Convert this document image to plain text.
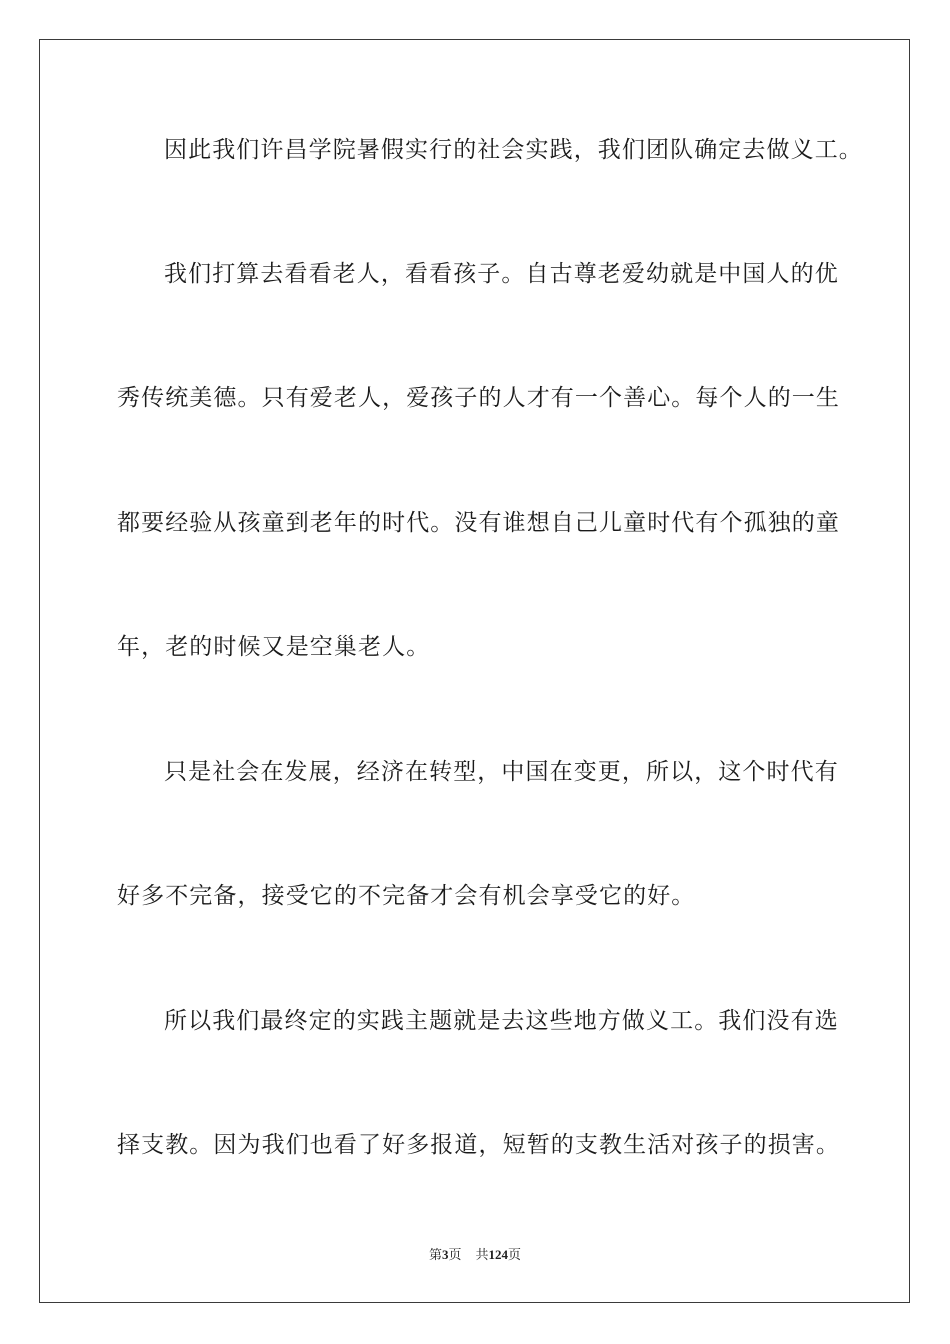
因此我们许昌学院暑假实行的社会实践，我们团队确定去做义工。
我们打算去看看老人，看看孩子。自古尊老爱幼就是中国人的优
秀传统美德。只有爱老人，爱孩子的人才有一个善心。每个人的一生
都要经验从孩童到老年的时代。没有谁想自己儿童时代有个孤独的童
年，老的时候又是空巢老人。
只是社会在发展，经济在转型，中国在变更，所以，这个时代有
好多不完备，接受它的不完备才会有机会享受它的好。
所以我们最终定的实践主题就是去这些地方做义工。我们没有选
择支教。因为我们也看了好多报道，短暂的支教生活对孩子的损害。
第3页 共124页
